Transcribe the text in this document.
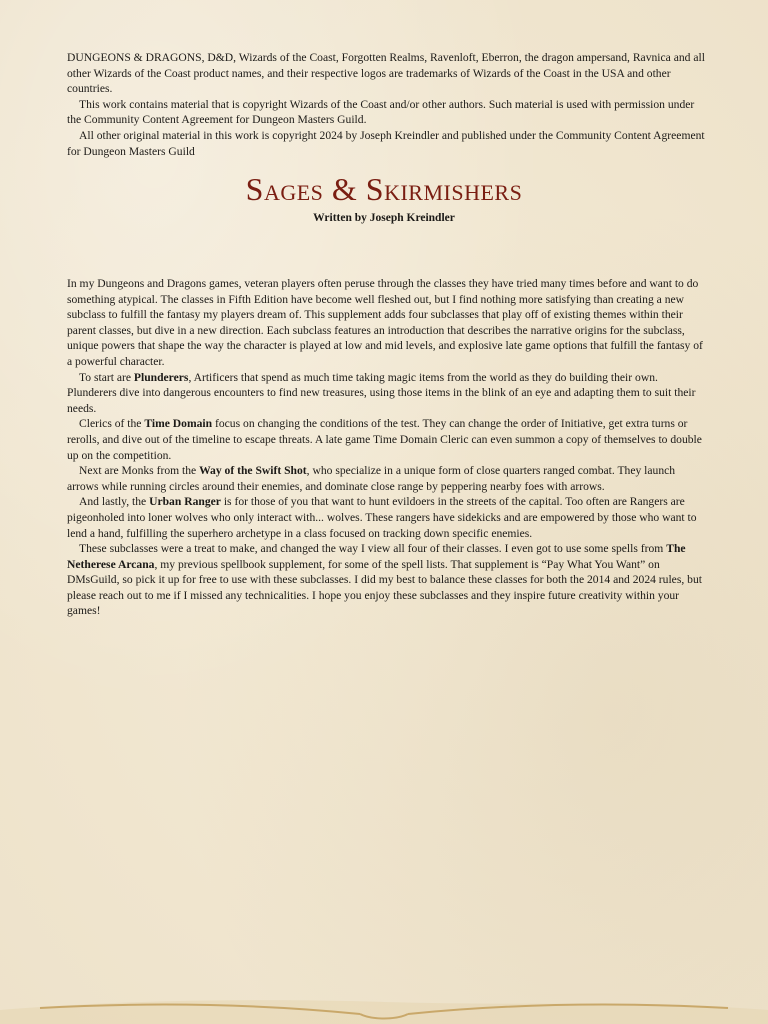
DUNGEONS & DRAGONS, D&D, Wizards of the Coast, Forgotten Realms, Ravenloft, Eberron, the dragon ampersand, Ravnica and all other Wizards of the Coast product names, and their respective logos are trademarks of Wizards of the Coast in the USA and other countries.

This work contains material that is copyright Wizards of the Coast and/or other authors. Such material is used with permission under the Community Content Agreement for Dungeon Masters Guild.

All other original material in this work is copyright 2024 by Joseph Kreindler and published under the Community Content Agreement for Dungeon Masters Guild

Sages & Skirmishers
Written by Joseph Kreindler

In my Dungeons and Dragons games, veteran players often peruse through the classes they have tried many times before and want to do something atypical. The classes in Fifth Edition have become well fleshed out, but I find nothing more satisfying than creating a new subclass to fulfill the fantasy my players dream of. This supplement adds four subclasses that play off of existing themes within their parent classes, but dive in a new direction. Each subclass features an introduction that describes the narrative origins for the subclass, unique powers that shape the way the character is played at low and mid levels, and explosive late game options that fulfill the fantasy of a powerful character.

To start are Plunderers, Artificers that spend as much time taking magic items from the world as they do building their own. Plunderers dive into dangerous encounters to find new treasures, using those items in the blink of an eye and adapting them to suit their needs.

Clerics of the Time Domain focus on changing the conditions of the test. They can change the order of Initiative, get extra turns or rerolls, and dive out of the timeline to escape threats. A late game Time Domain Cleric can even summon a copy of themselves to double up on the competition.

Next are Monks from the Way of the Swift Shot, who specialize in a unique form of close quarters ranged combat. They launch arrows while running circles around their enemies, and dominate close range by peppering nearby foes with arrows.

And lastly, the Urban Ranger is for those of you that want to hunt evildoers in the streets of the capital. Too often are Rangers are pigeonholed into loner wolves who only interact with... wolves. These rangers have sidekicks and are empowered by those who want to lend a hand, fulfilling the superhero archetype in a class focused on tracking down specific enemies.

These subclasses were a treat to make, and changed the way I view all four of their classes. I even got to use some spells from The Netherese Arcana, my previous spellbook supplement, for some of the spell lists. That supplement is “Pay What You Want” on DMsGuild, so pick it up for free to use with these subclasses. I did my best to balance these classes for both the 2014 and 2024 rules, but please reach out to me if I missed any technicalities. I hope you enjoy these subclasses and they inspire future creativity within your games!
